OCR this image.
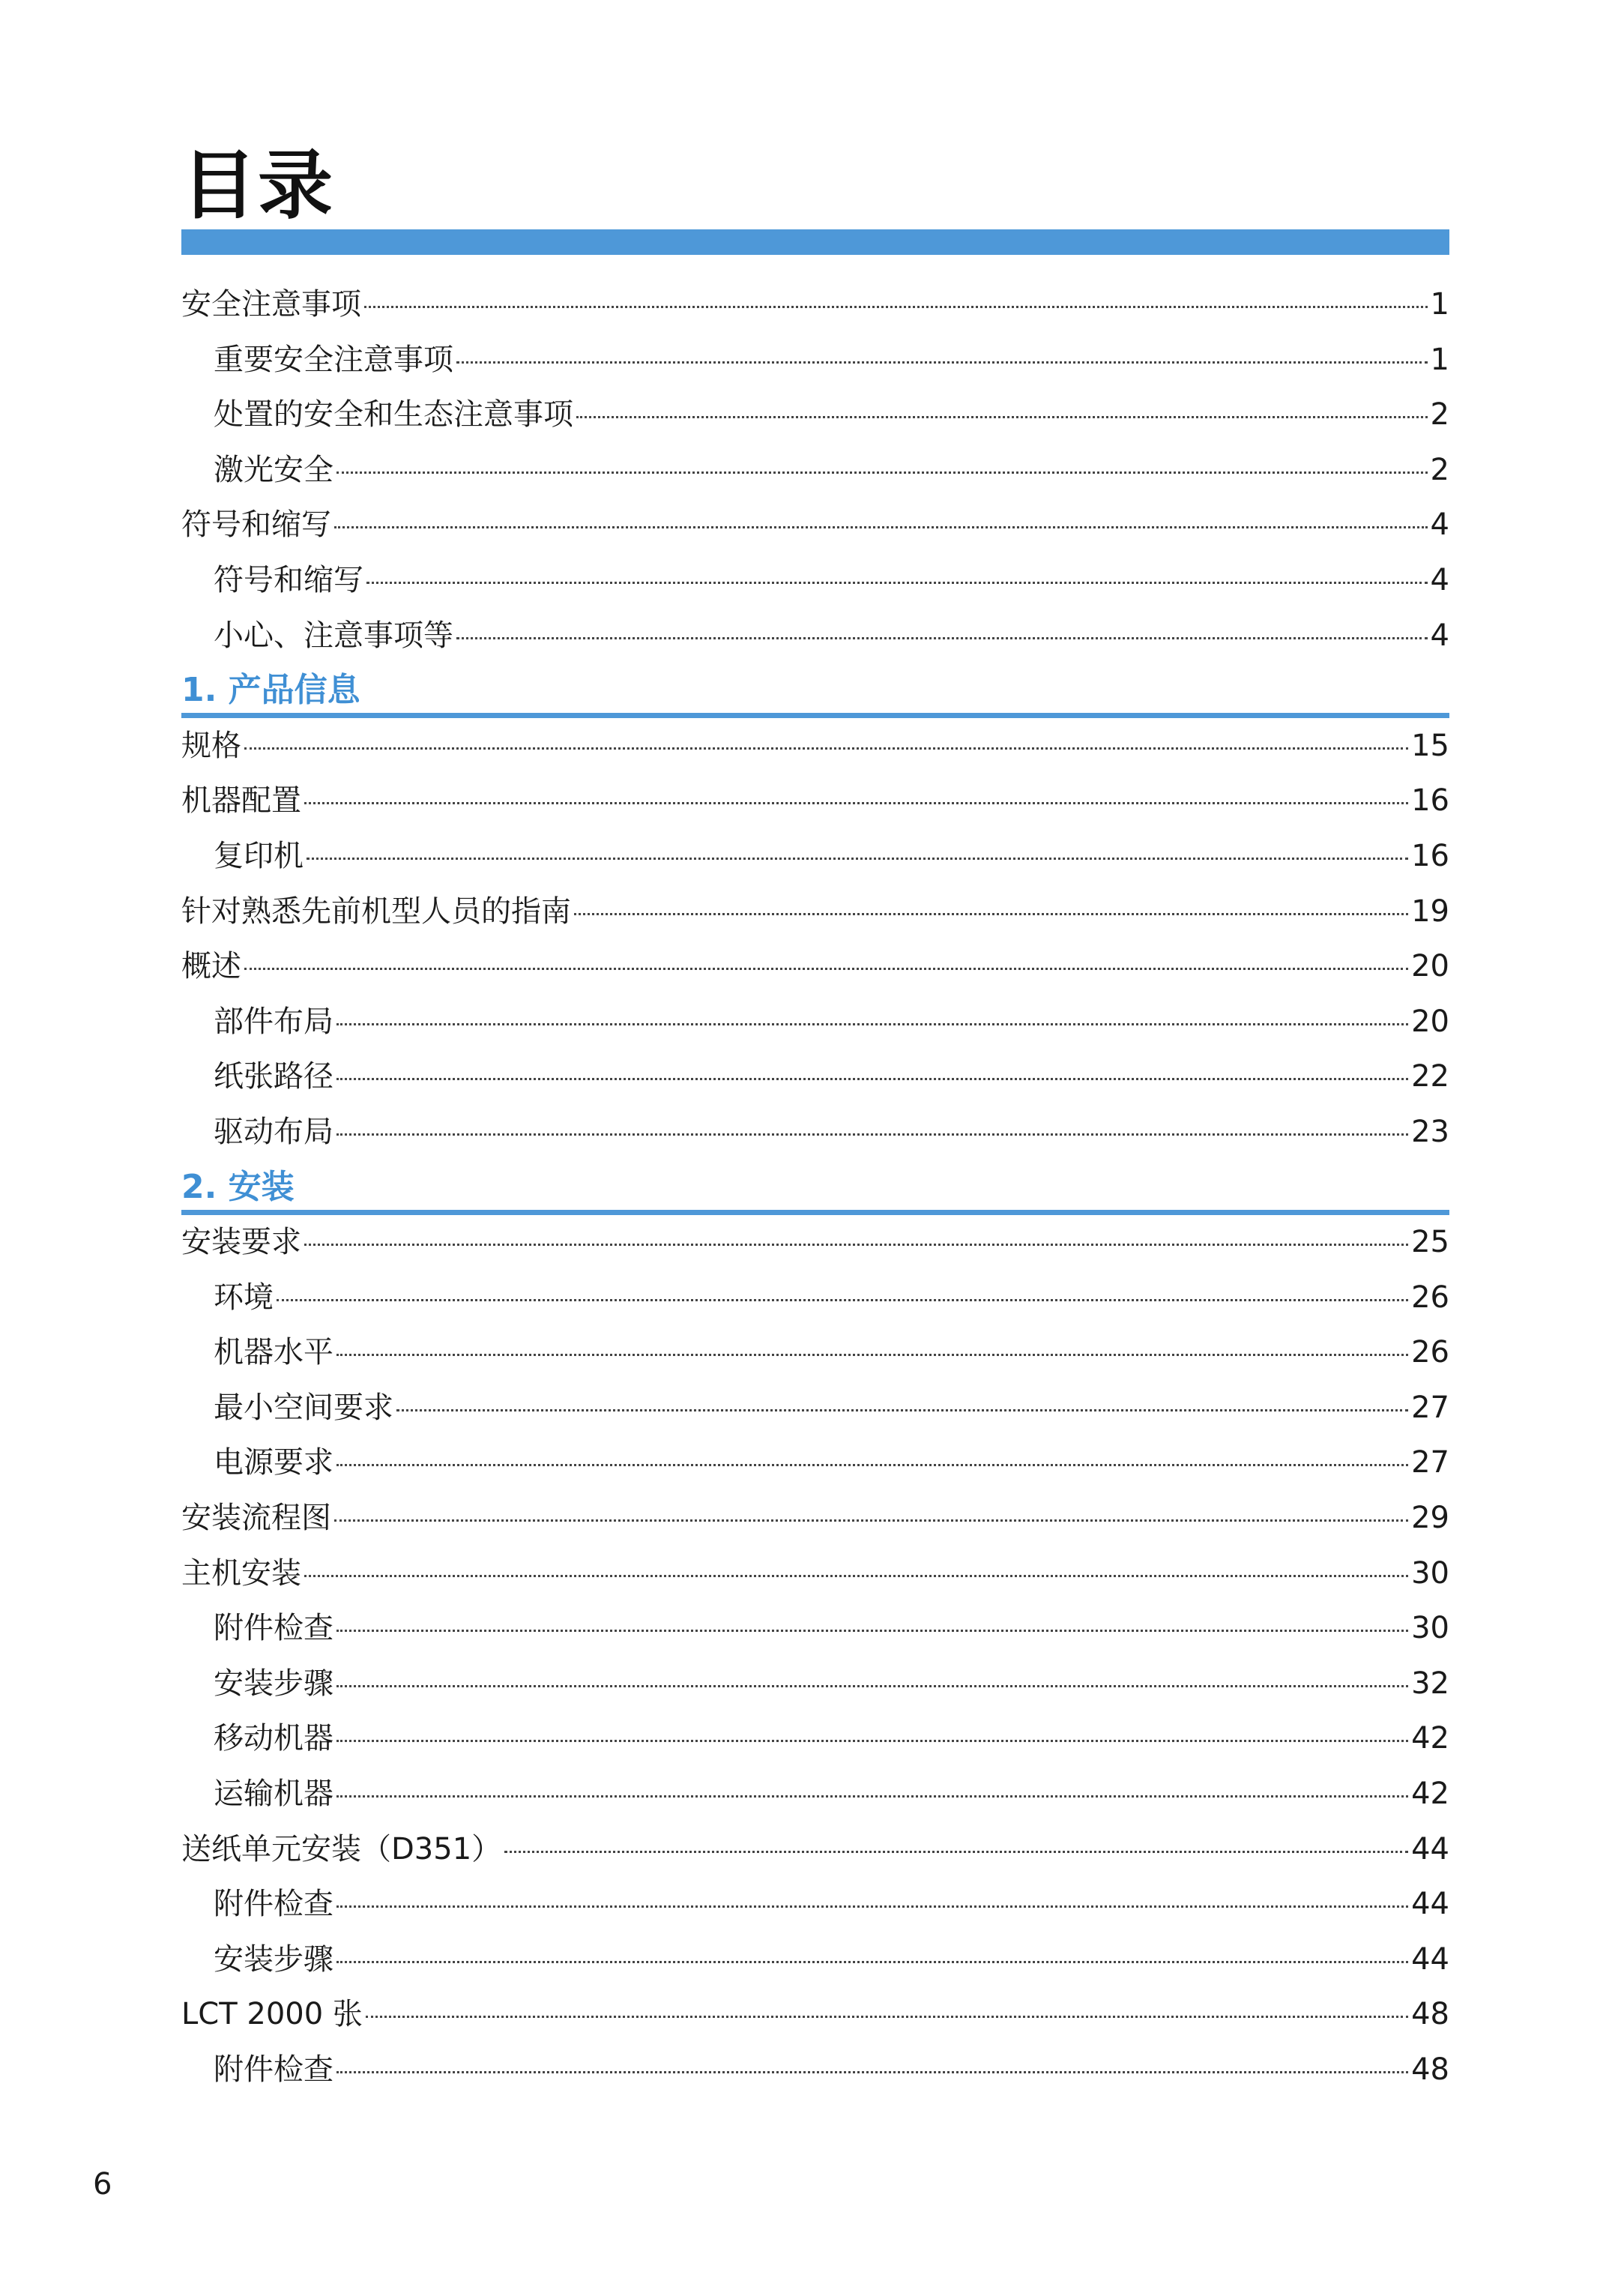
目录
安全注意事项	1
重要安全注意事项	1
处置的安全和生态注意事项	2
激光安全	2
符号和缩写	4
符号和缩写	4
小心、注意事项等	4
1. 产品信息
规格	15
机器配置	16
复印机	16
针对熟悉先前机型人员的指南	19
概述	20
部件布局	20
纸张路径	22
驱动布局	23
2. 安装
安装要求	25
环境	26
机器水平	26
最小空间要求	27
电源要求	27
安装流程图	29
主机安装	30
附件检查	30
安装步骤	32
移动机器	42
运输机器	42
送纸单元安装（D351）	44
附件检查	44
安装步骤	44
LCT 2000 张	48
附件检查	48
6
